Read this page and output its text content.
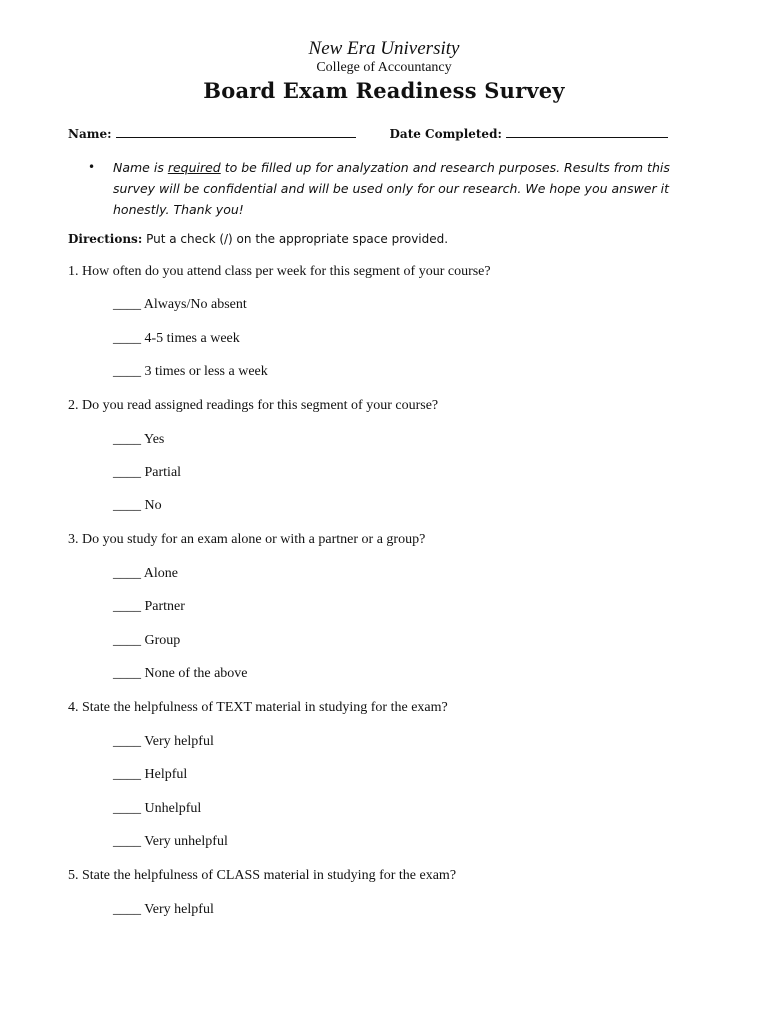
New Era University
College of Accountancy
Board Exam Readiness Survey
Name:	Date Completed:
• Name is required to be filled up for analyzation and research purposes. Results from this survey will be confidential and will be used only for our research. We hope you answer it honestly. Thank you!
Directions: Put a check (/) on the appropriate space provided.
1. How often do you attend class per week for this segment of your course?
____ Always/No absent
____ 4-5 times a week
____ 3 times or less a week
2. Do you read assigned readings for this segment of your course?
____ Yes
____ Partial
____ No
3. Do you study for an exam alone or with a partner or a group?
____ Alone
____ Partner
____ Group
____ None of the above
4. State the helpfulness of TEXT material in studying for the exam?
____ Very helpful
____ Helpful
____ Unhelpful
____ Very unhelpful
5. State the helpfulness of CLASS material in studying for the exam?
____ Very helpful
